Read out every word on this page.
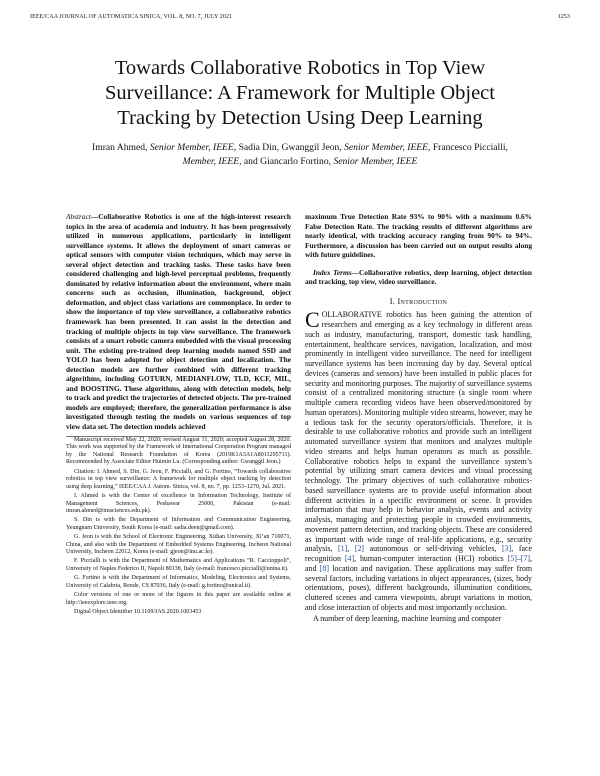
IEEE/CAA JOURNAL OF AUTOMATICA SINICA, VOL. 8, NO. 7, JULY 2021	1253
Towards Collaborative Robotics in Top View
Surveillance: A Framework for Multiple Object
Tracking by Detection Using Deep Learning
Imran Ahmed, Senior Member, IEEE, Sadia Din, Gwanggil Jeon, Senior Member, IEEE, Francesco Piccialli,
Member, IEEE, and Giancarlo Fortino, Senior Member, IEEE

Abstract—Collaborative Robotics is one of the high-interest research topics in the area of academia and industry. It has been progressively utilized in numerous applications, particularly in intelligent surveillance systems. It allows the deployment of smart cameras or optical sensors with computer vision techniques, which may serve in several object detection and tracking tasks. These tasks have been considered challenging and high-level perceptual problems, frequently dominated by relative information about the environment, where main concerns such as occlusion, illumination, background, object deformation, and object class variations are commonplace. In order to show the importance of top view surveillance, a collaborative robotics framework has been presented. It can assist in the detection and tracking of multiple objects in top view surveillance. The framework consists of a smart robotic camera embedded with the visual processing unit. The existing pre-trained deep learning models named SSD and YOLO has been adopted for object detection and localization. The detection models are further combined with different tracking algorithms, including GOTURN, MEDIANFLOW, TLD, KCF, MIL, and BOOSTING. These algorithms, along with detection models, help to track and predict the trajectories of detected objects. The pre-trained models are employed; therefore, the generalization performance is also investigated through testing the models on various sequences of top view data set. The detection models achieved

Manuscript received May 22, 2020; revised August 11, 2020; accepted August 28, 2020. This work was supported by the Framework of International Cooperation Program managed by the National Research Foundation of Korea (2019K1A3A1A8011295711). Recommended by Associate Editor Huimin Lu. (Corresponding author: Gwanggil Jeon.)

Citation: I. Ahmed, S. Din, G. Jeon, F. Piccialli, and G. Fortino, “Towards collaborative robotics in top view surveillance: A framework for multiple object tracking by detection using deep learning,” IEEE/CAA J. Autom. Sinica, vol. 8, no. 7, pp. 1253–1270, Jul. 2021.

I. Ahmed is with the Center of excellence in Information Technology, Institute of Management Sciences, Peshawar 25000, Pakistan (e-mail: imran.ahmed@imsciences.edu.pk).

S. Din is with the Department of Information and Communication Engineering, Yeungnam University, South Korea (e-mail: sadia.deen@gmail.com).

G. Jeon is with the School of Electronic Engineering, Xidian University, Xi’an 710071, China, and also with the Department of Embedded Systems Engineering, Incheon National University, Incheon 22012, Korea (e-mail: gjeon@inu.ac.kr).

F. Piccialli is with the Department of Mathematics and Applications “R. Caccioppoli”, University of Naples Federico II, Napoli 80138, Italy (e-mail: francesco.piccialli@unina.it).

G. Fortino is with the Department of Informatics, Modeling, Electronics and Systems, University of Calabria, Rende, CS 87036, Italy (e-mail: g.fortino@unical.it).

Color versions of one or more of the figures in this paper are available online at http://ieeexplore.ieee.org.

Digital Object Identifier 10.1109/JAS.2020.1003453

maximum True Detection Rate 93% to 90% with a maximum 0.6% False Detection Rate. The tracking results of different algorithms are nearly identical, with tracking accuracy ranging from 90% to 94%. Furthermore, a discussion has been carried out on output results along with future guidelines.

Index Terms—Collaborative robotics, deep learning, object detection and tracking, top view, video surveillance.

I. Introduction

COLLABORATIVE robotics has been gaining the attention of researchers and emerging as a key technology in different areas such as industry, manufacturing, transport, domestic task handling, entertainment, healthcare services, navigation, localization, and most prominently in intelligent video surveillance. The need for intelligent surveillance systems has been increasing day by day. Several optical devices (cameras and sensors) have been installed in public places for security and monitoring purposes. The majority of surveillance systems consist of a centralized monitoring structure (a single room where multiple camera recording videos have been observed/monitored by human operators). Monitoring multiple video streams, however, may be a tedious task for the security operators/officials. Therefore, it is desirable to use collaborative robotics and provide such an intelligent automated surveillance system that monitors and analyzes multiple video streams and helps human operators as much as possible. Collaborative robotics helps to expand the surveillance system’s potential by utilizing smart camera devices and visual processing technology. The primary objectives of such collaborative robotics-based surveillance systems are to provide useful information about different activities in a specific environment or scene. It provides information that may help in behavior analysis, events and activity analysis, managing and protecting people in crowded environments, movement pattern detection, and tracking objects. These are considered as important with wide range of real-life applications, e.g., security analysis, [1], [2] autonomous or self-driving vehicles, [3], face recognition [4], human-computer interaction (HCI) robotics [5]–[7], and [8] location and navigation. These applications may suffer from several factors, including variations in object appearances, (sizes, body orientations, poses), different backgrounds, illumination conditions, cluttered scenes and camera viewpoints, abrupt variations in motion, and close interaction of objects and most importantly occlusion.

A number of deep learning, machine learning and computer
